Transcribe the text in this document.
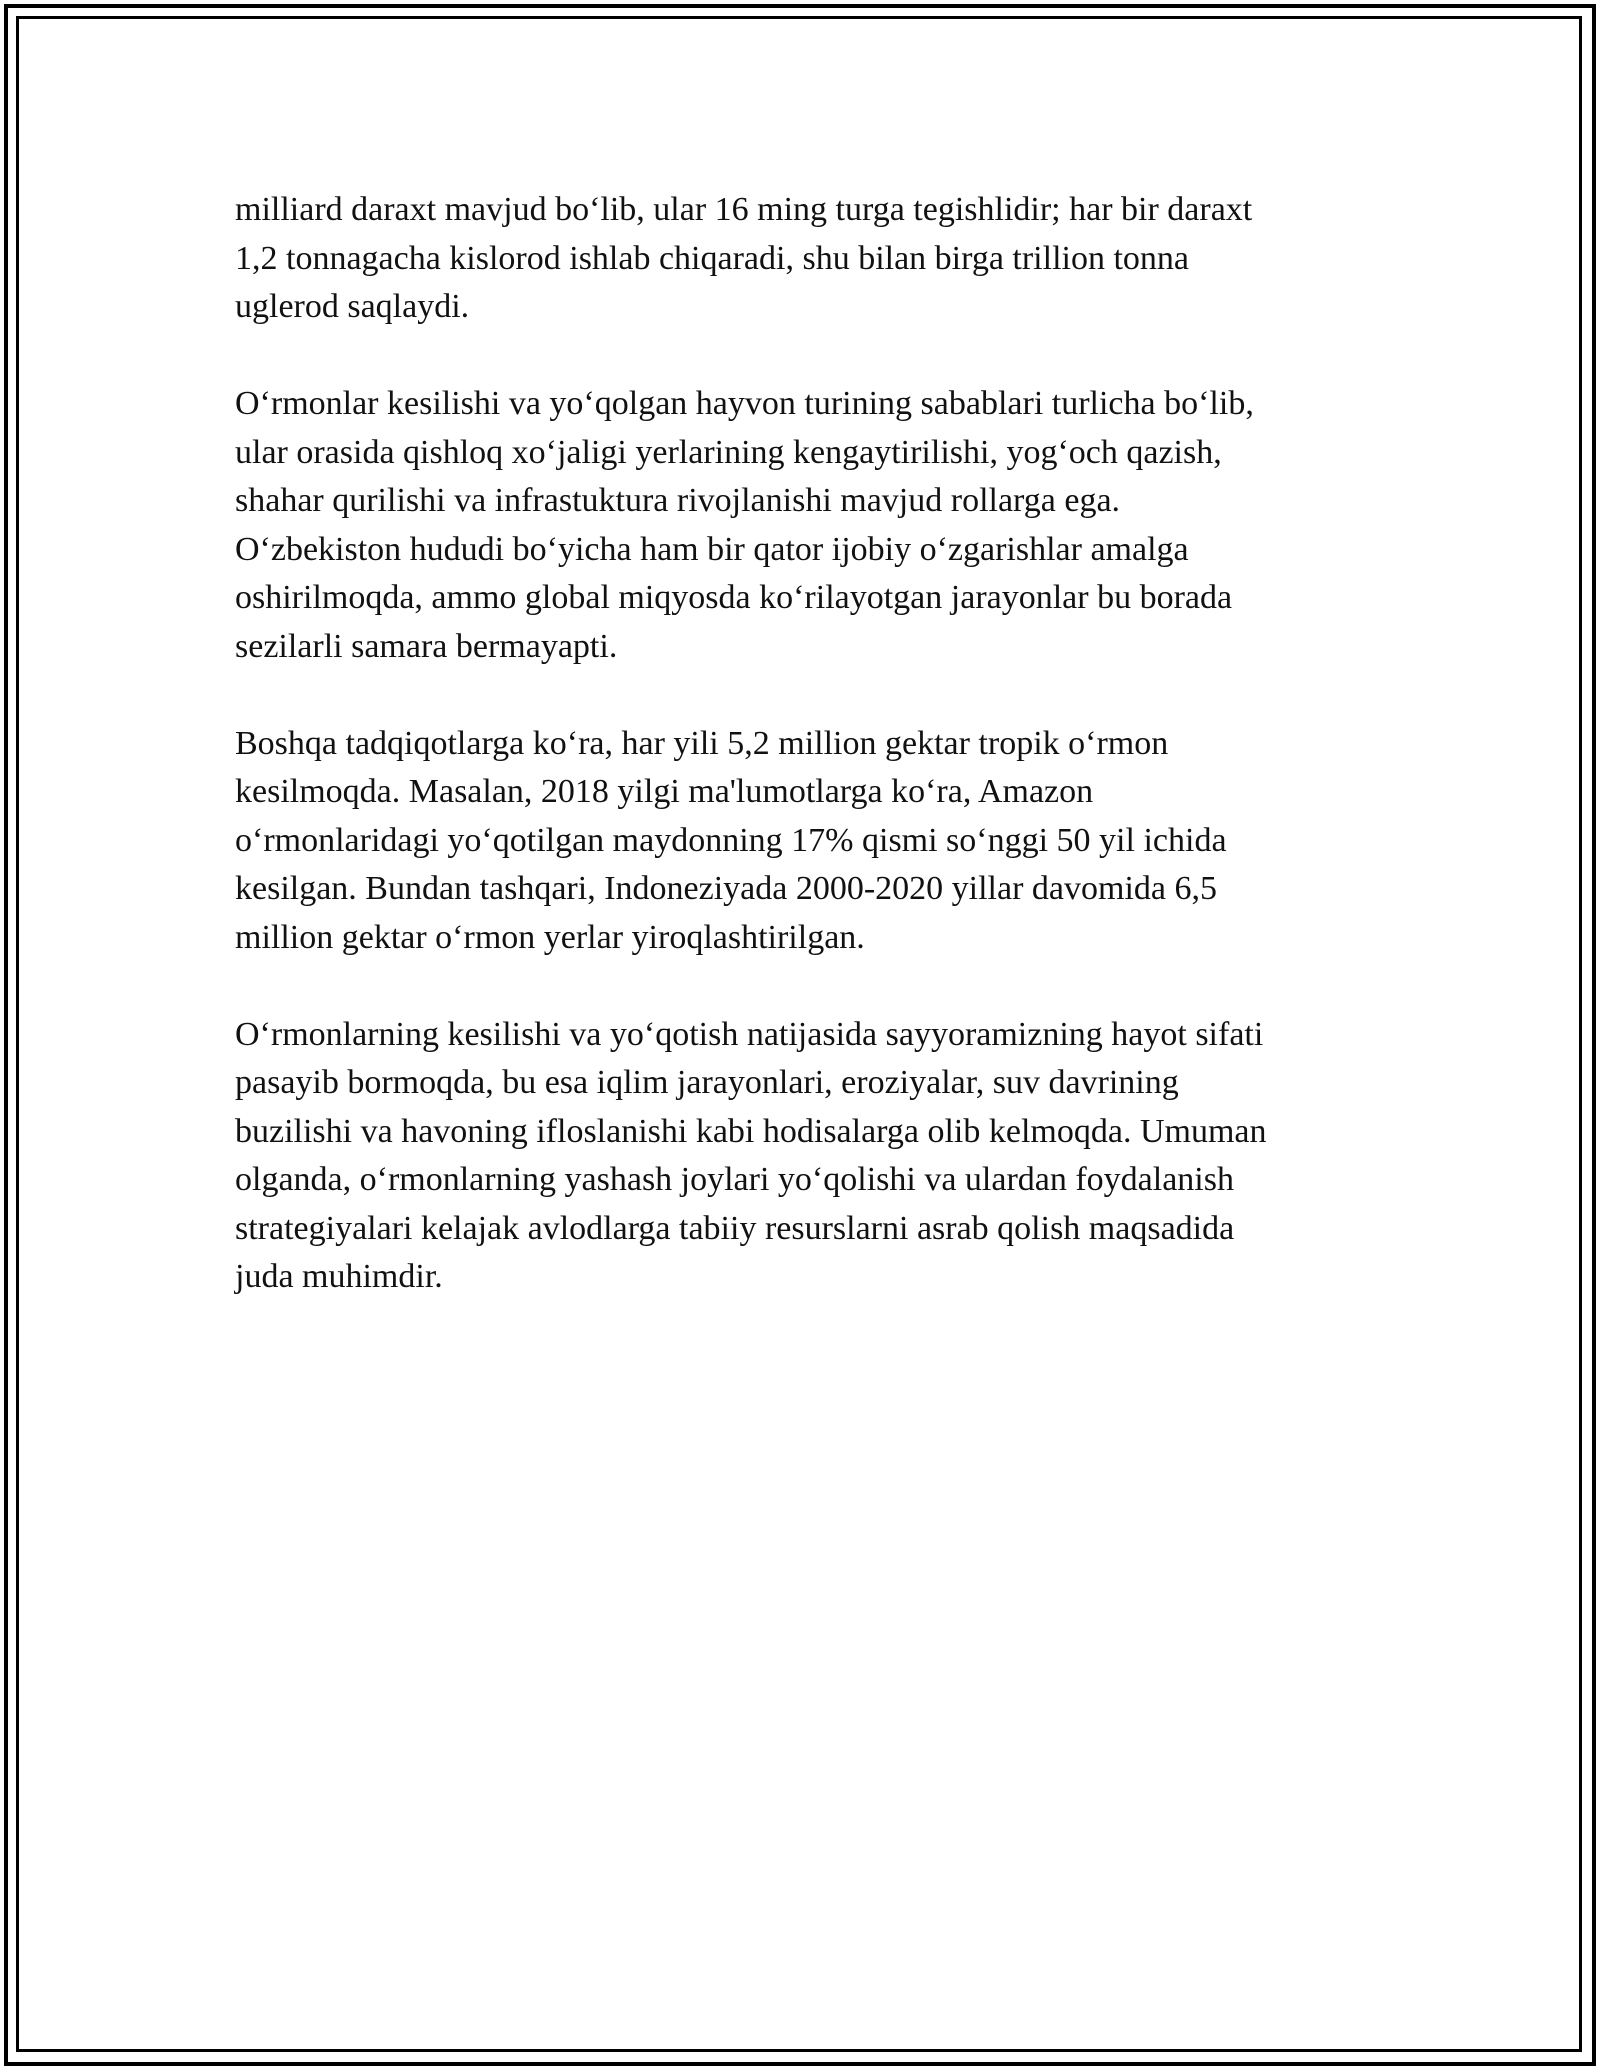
milliard daraxt mavjud bo‘lib, ular 16 ming turga tegishlidir; har bir daraxt
1,2 tonnagacha kislorod ishlab chiqaradi, shu bilan birga trillion tonna
uglerod saqlaydi.

O‘rmonlar kesilishi va yo‘qolgan hayvon turining sabablari turlicha bo‘lib,
ular orasida qishloq xo‘jaligi yerlarining kengaytirilishi, yog‘och qazish,
shahar qurilishi va infrastuktura rivojlanishi mavjud rollarga ega.
O‘zbekiston hududi bo‘yicha ham bir qator ijobiy o‘zgarishlar amalga
oshirilmoqda, ammo global miqyosda ko‘rilayotgan jarayonlar bu borada
sezilarli samara bermayapti.

Boshqa tadqiqotlarga ko‘ra, har yili 5,2 million gektar tropik o‘rmon
kesilmoqda. Masalan, 2018 yilgi ma'lumotlarga ko‘ra, Amazon
o‘rmonlaridagi yo‘qotilgan maydonning 17% qismi so‘nggi 50 yil ichida
kesilgan. Bundan tashqari, Indoneziyada 2000-2020 yillar davomida 6,5
million gektar o‘rmon yerlar yiroqlashtirilgan.

O‘rmonlarning kesilishi va yo‘qotish natijasida sayyoramizning hayot sifati
pasayib bormoqda, bu esa iqlim jarayonlari, eroziyalar, suv davrining
buzilishi va havoning ifloslanishi kabi hodisalarga olib kelmoqda. Umuman
olganda, o‘rmonlarning yashash joylari yo‘qolishi va ulardan foydalanish
strategiyalari kelajak avlodlarga tabiiy resurslarni asrab qolish maqsadida
juda muhimdir.
